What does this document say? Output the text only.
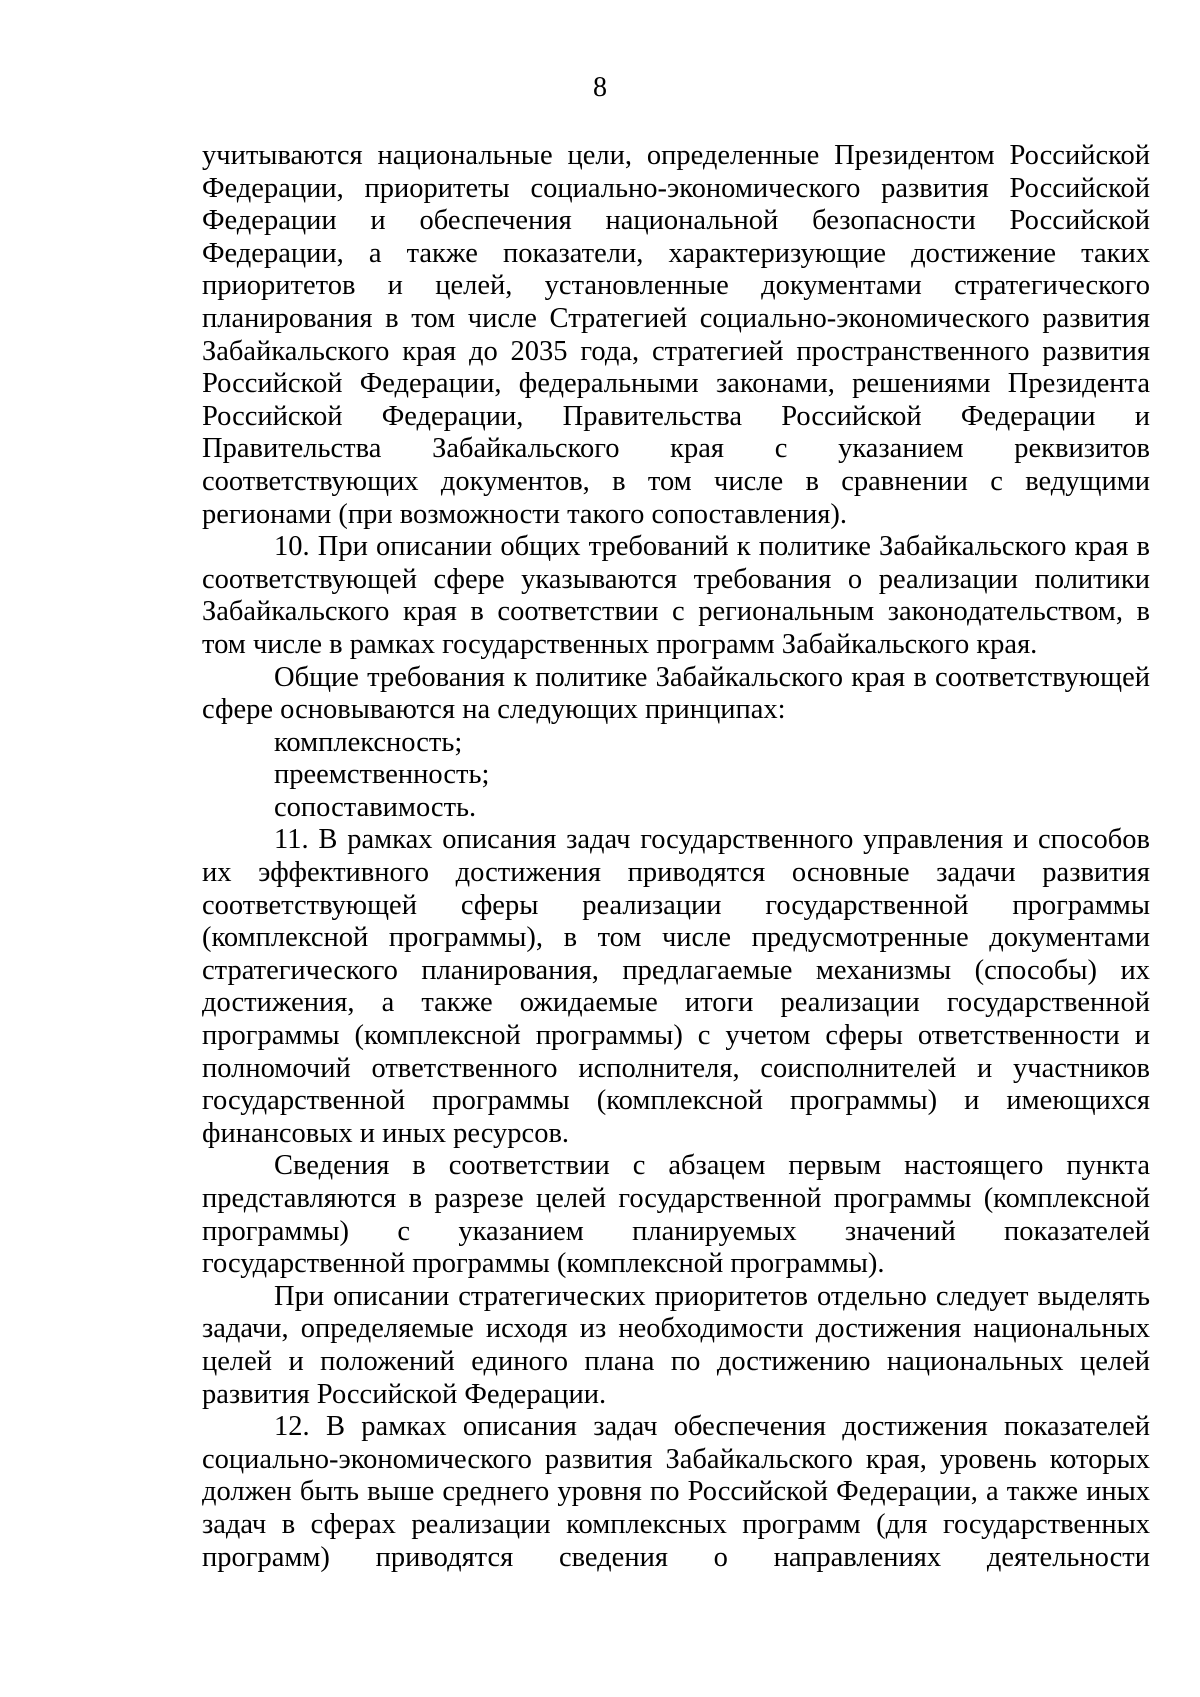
8

учитываются национальные цели, определенные Президентом Российской Федерации, приоритеты социально-экономического развития Российской Федерации и обеспечения национальной безопасности Российской Федерации, а также показатели, характеризующие достижение таких приоритетов и целей, установленные документами стратегического планирования в том числе Стратегией социально-экономического развития Забайкальского края до 2035 года, стратегией пространственного развития Российской Федерации, федеральными законами, решениями Президента Российской Федерации, Правительства Российской Федерации и Правительства Забайкальского края с указанием реквизитов соответствующих документов, в том числе в сравнении с ведущими регионами (при возможности такого сопоставления).

10. При описании общих требований к политике Забайкальского края в соответствующей сфере указываются требования о реализации политики Забайкальского края в соответствии с региональным законодательством, в том числе в рамках государственных программ Забайкальского края.

Общие требования к политике Забайкальского края в соответствующей сфере основываются на следующих принципах:

комплексность;

преемственность;

сопоставимость.

11. В рамках описания задач государственного управления и способов их эффективного достижения приводятся основные задачи развития соответствующей сферы реализации государственной программы (комплексной программы), в том числе предусмотренные документами стратегического планирования, предлагаемые механизмы (способы) их достижения, а также ожидаемые итоги реализации государственной программы (комплексной программы) с учетом сферы ответственности и полномочий ответственного исполнителя, соисполнителей и участников государственной программы (комплексной программы) и имеющихся финансовых и иных ресурсов.

Сведения в соответствии с абзацем первым настоящего пункта представляются в разрезе целей государственной программы (комплексной программы) с указанием планируемых значений показателей государственной программы (комплексной программы).

При описании стратегических приоритетов отдельно следует выделять задачи, определяемые исходя из необходимости достижения национальных целей и положений единого плана по достижению национальных целей развития Российской Федерации.

12. В рамках описания задач обеспечения достижения показателей социально-экономического развития Забайкальского края, уровень которых должен быть выше среднего уровня по Российской Федерации, а также иных задач в сферах реализации комплексных программ (для государственных программ) приводятся сведения о направлениях деятельности
